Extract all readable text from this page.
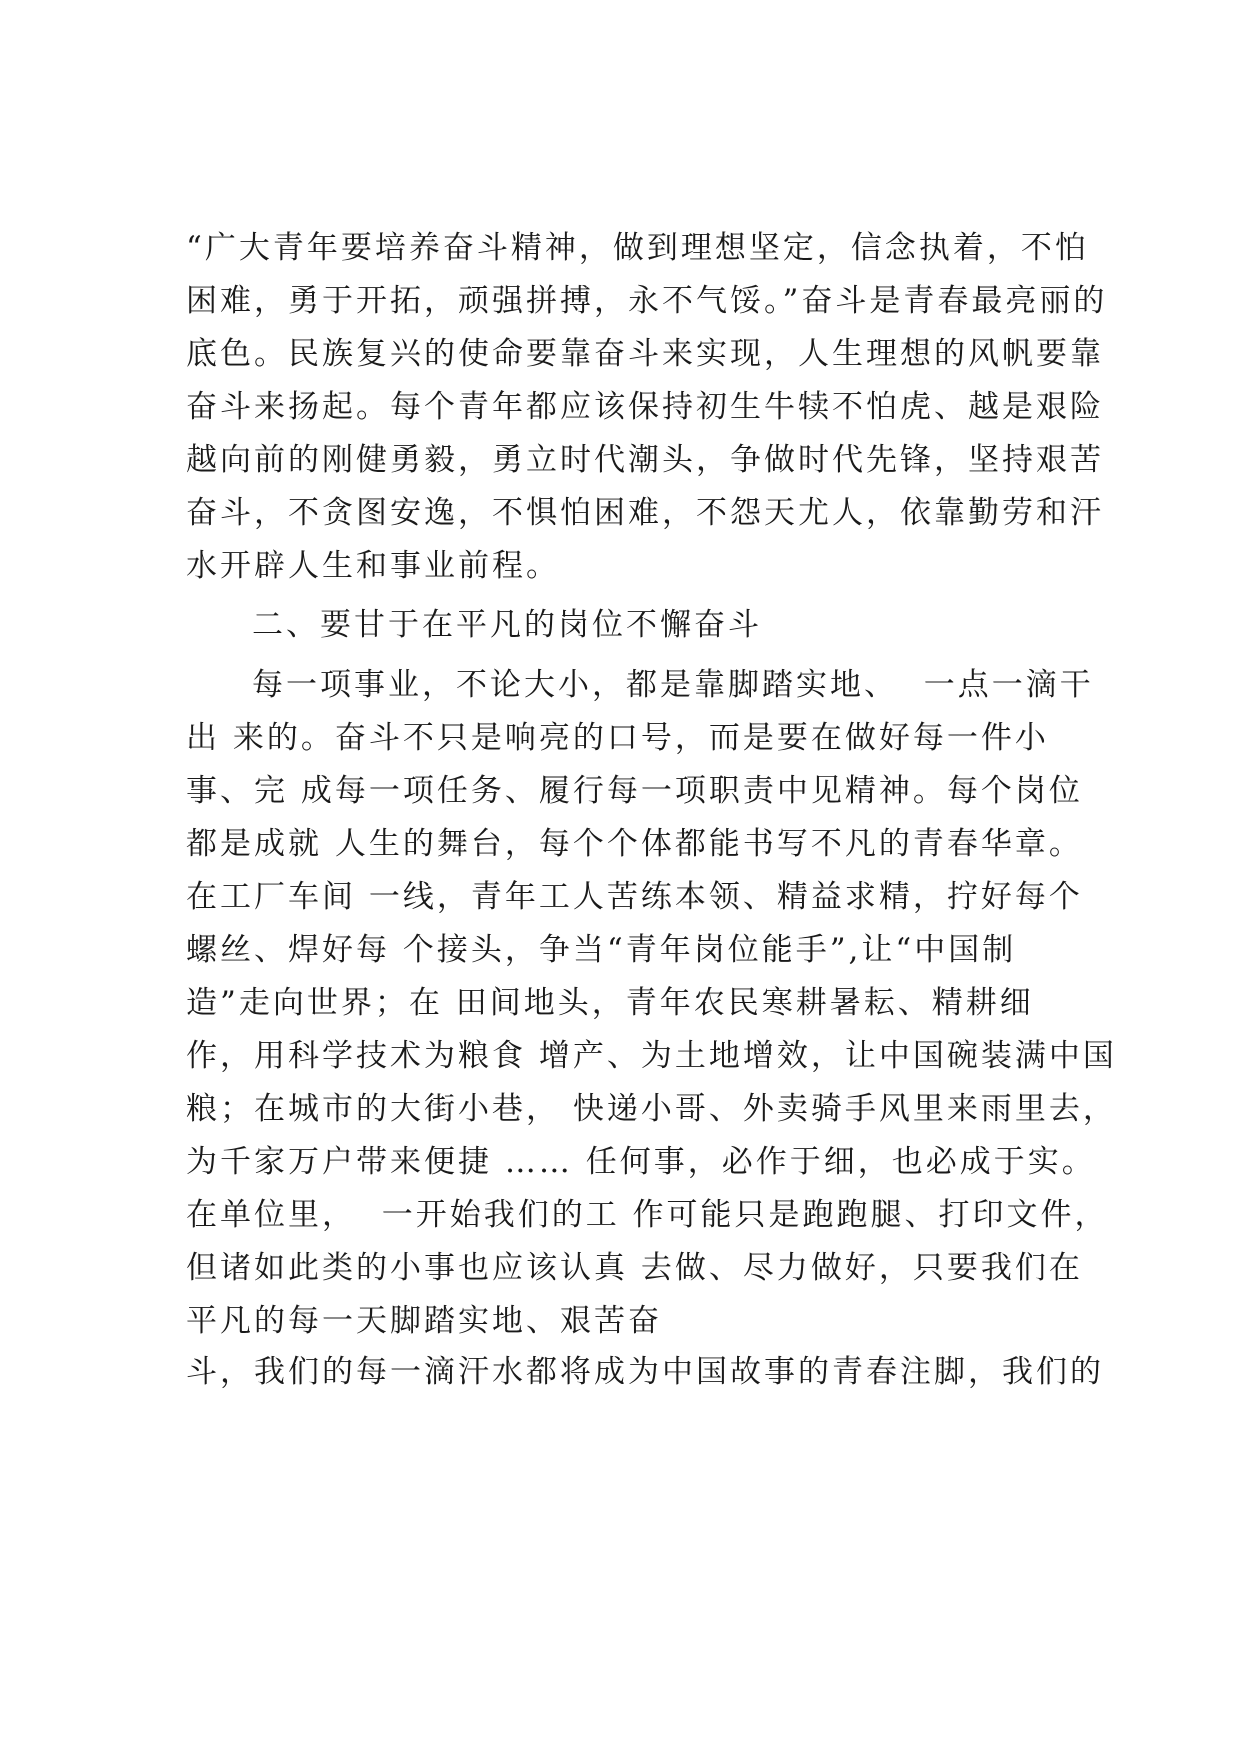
“广大青年要培养奋斗精神，做到理想坚定，信念执着，不怕
困难，勇于开拓，顽强拼搏，永不气馁。”奋斗是青春最亮丽的
底色。民族复兴的使命要靠奋斗来实现，人生理想的风帆要靠
奋斗来扬起。每个青年都应该保持初生牛犊不怕虎、越是艰险
越向前的刚健勇毅，勇立时代潮头，争做时代先锋，坚持艰苦
奋斗，不贪图安逸，不惧怕困难，不怨天尤人，依靠勤劳和汗
水开辟人生和事业前程。
二、要甘于在平凡的岗位不懈奋斗
每一项事业，不论大小，都是靠脚踏实地、  一点一滴干
出 来的。奋斗不只是响亮的口号，而是要在做好每一件小
事、完 成每一项任务、履行每一项职责中见精神。每个岗位
都是成就 人生的舞台，每个个体都能书写不凡的青春华章。
在工厂车间 一线，青年工人苦练本领、精益求精，拧好每个
螺丝、焊好每 个接头，争当“青年岗位能手”,让“中国制
造”走向世界；在 田间地头，青年农民寒耕暑耘、精耕细
作，用科学技术为粮食 增产、为土地增效，让中国碗装满中国
粮；在城市的大街小巷， 快递小哥、外卖骑手风里来雨里去，
为千家万户带来便捷 …… 任何事，必作于细，也必成于实。
在单位里，  一开始我们的工 作可能只是跑跑腿、打印文件，
但诸如此类的小事也应该认真 去做、尽力做好，只要我们在
平凡的每一天脚踏实地、艰苦奋
斗，我们的每一滴汗水都将成为中国故事的青春注脚，我们的
